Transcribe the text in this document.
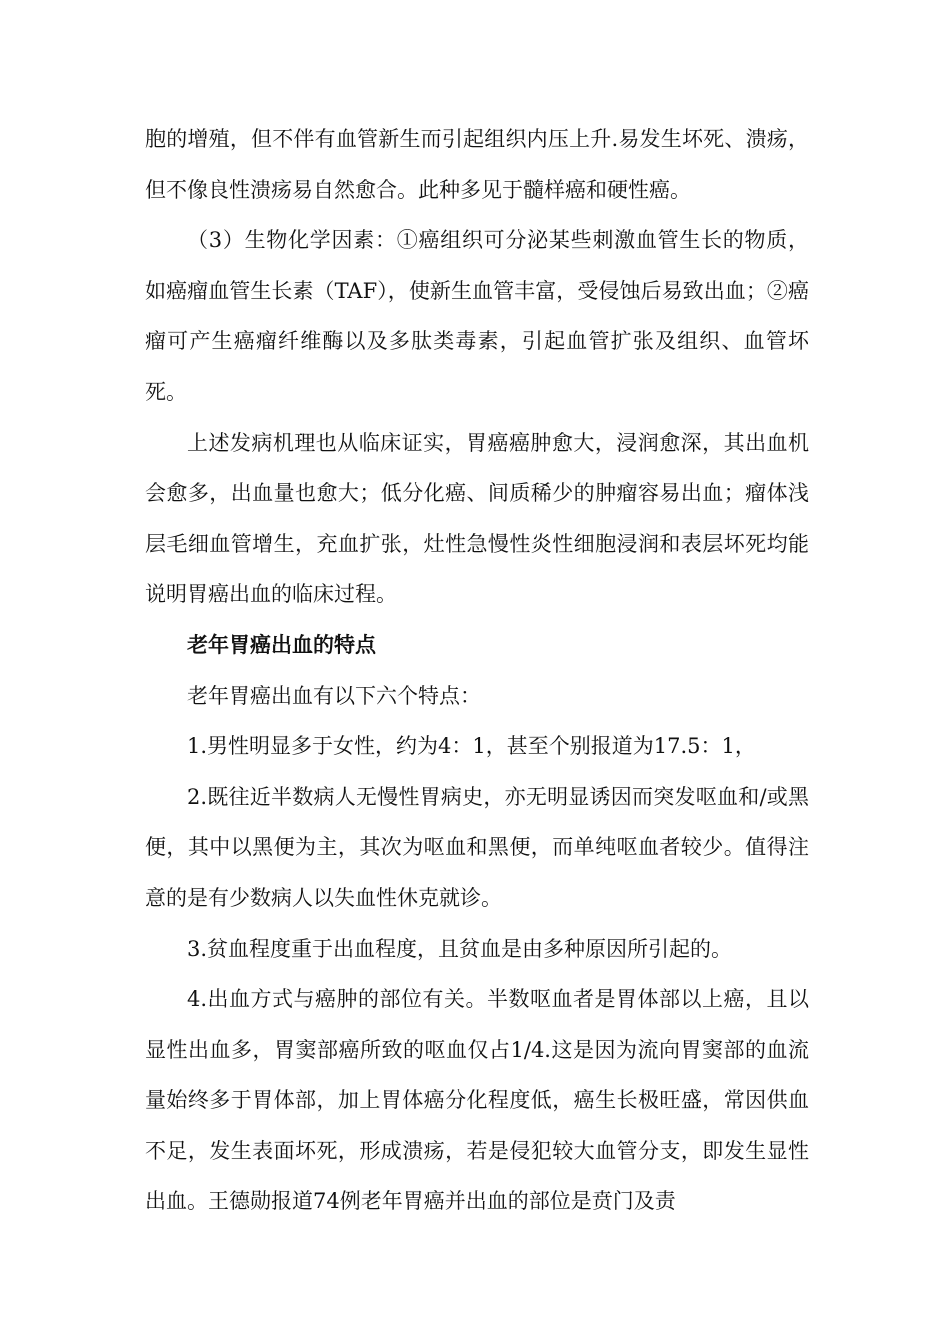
胞的增殖，但不伴有血管新生而引起组织内压上升.易发生坏死、溃疡，但不像良性溃疡易自然愈合。此种多见于髓样癌和硬性癌。

（3）生物化学因素：①癌组织可分泌某些刺激血管生长的物质，如癌瘤血管生长素（TAF），使新生血管丰富，受侵蚀后易致出血；②癌瘤可产生癌瘤纤维酶以及多肽类毒素，引起血管扩张及组织、血管坏死。

上述发病机理也从临床证实，胃癌癌肿愈大，浸润愈深，其出血机会愈多，出血量也愈大；低分化癌、间质稀少的肿瘤容易出血；瘤体浅层毛细血管增生，充血扩张，灶性急慢性炎性细胞浸润和表层坏死均能说明胃癌出血的临床过程。

老年胃癌出血的特点

老年胃癌出血有以下六个特点：

1.男性明显多于女性，约为4：1，甚至个别报道为17.5：1，

2.既往近半数病人无慢性胃病史，亦无明显诱因而突发呕血和/或黑便，其中以黑便为主，其次为呕血和黑便，而单纯呕血者较少。值得注意的是有少数病人以失血性休克就诊。

3.贫血程度重于出血程度，且贫血是由多种原因所引起的。

4.出血方式与癌肿的部位有关。半数呕血者是胃体部以上癌，且以显性出血多，胃窦部癌所致的呕血仅占1/4.这是因为流向胃窦部的血流量始终多于胃体部，加上胃体癌分化程度低，癌生长极旺盛，常因供血不足，发生表面坏死，形成溃疡，若是侵犯较大血管分支，即发生显性出血。王德勋报道74例老年胃癌并出血的部位是贲门及责
